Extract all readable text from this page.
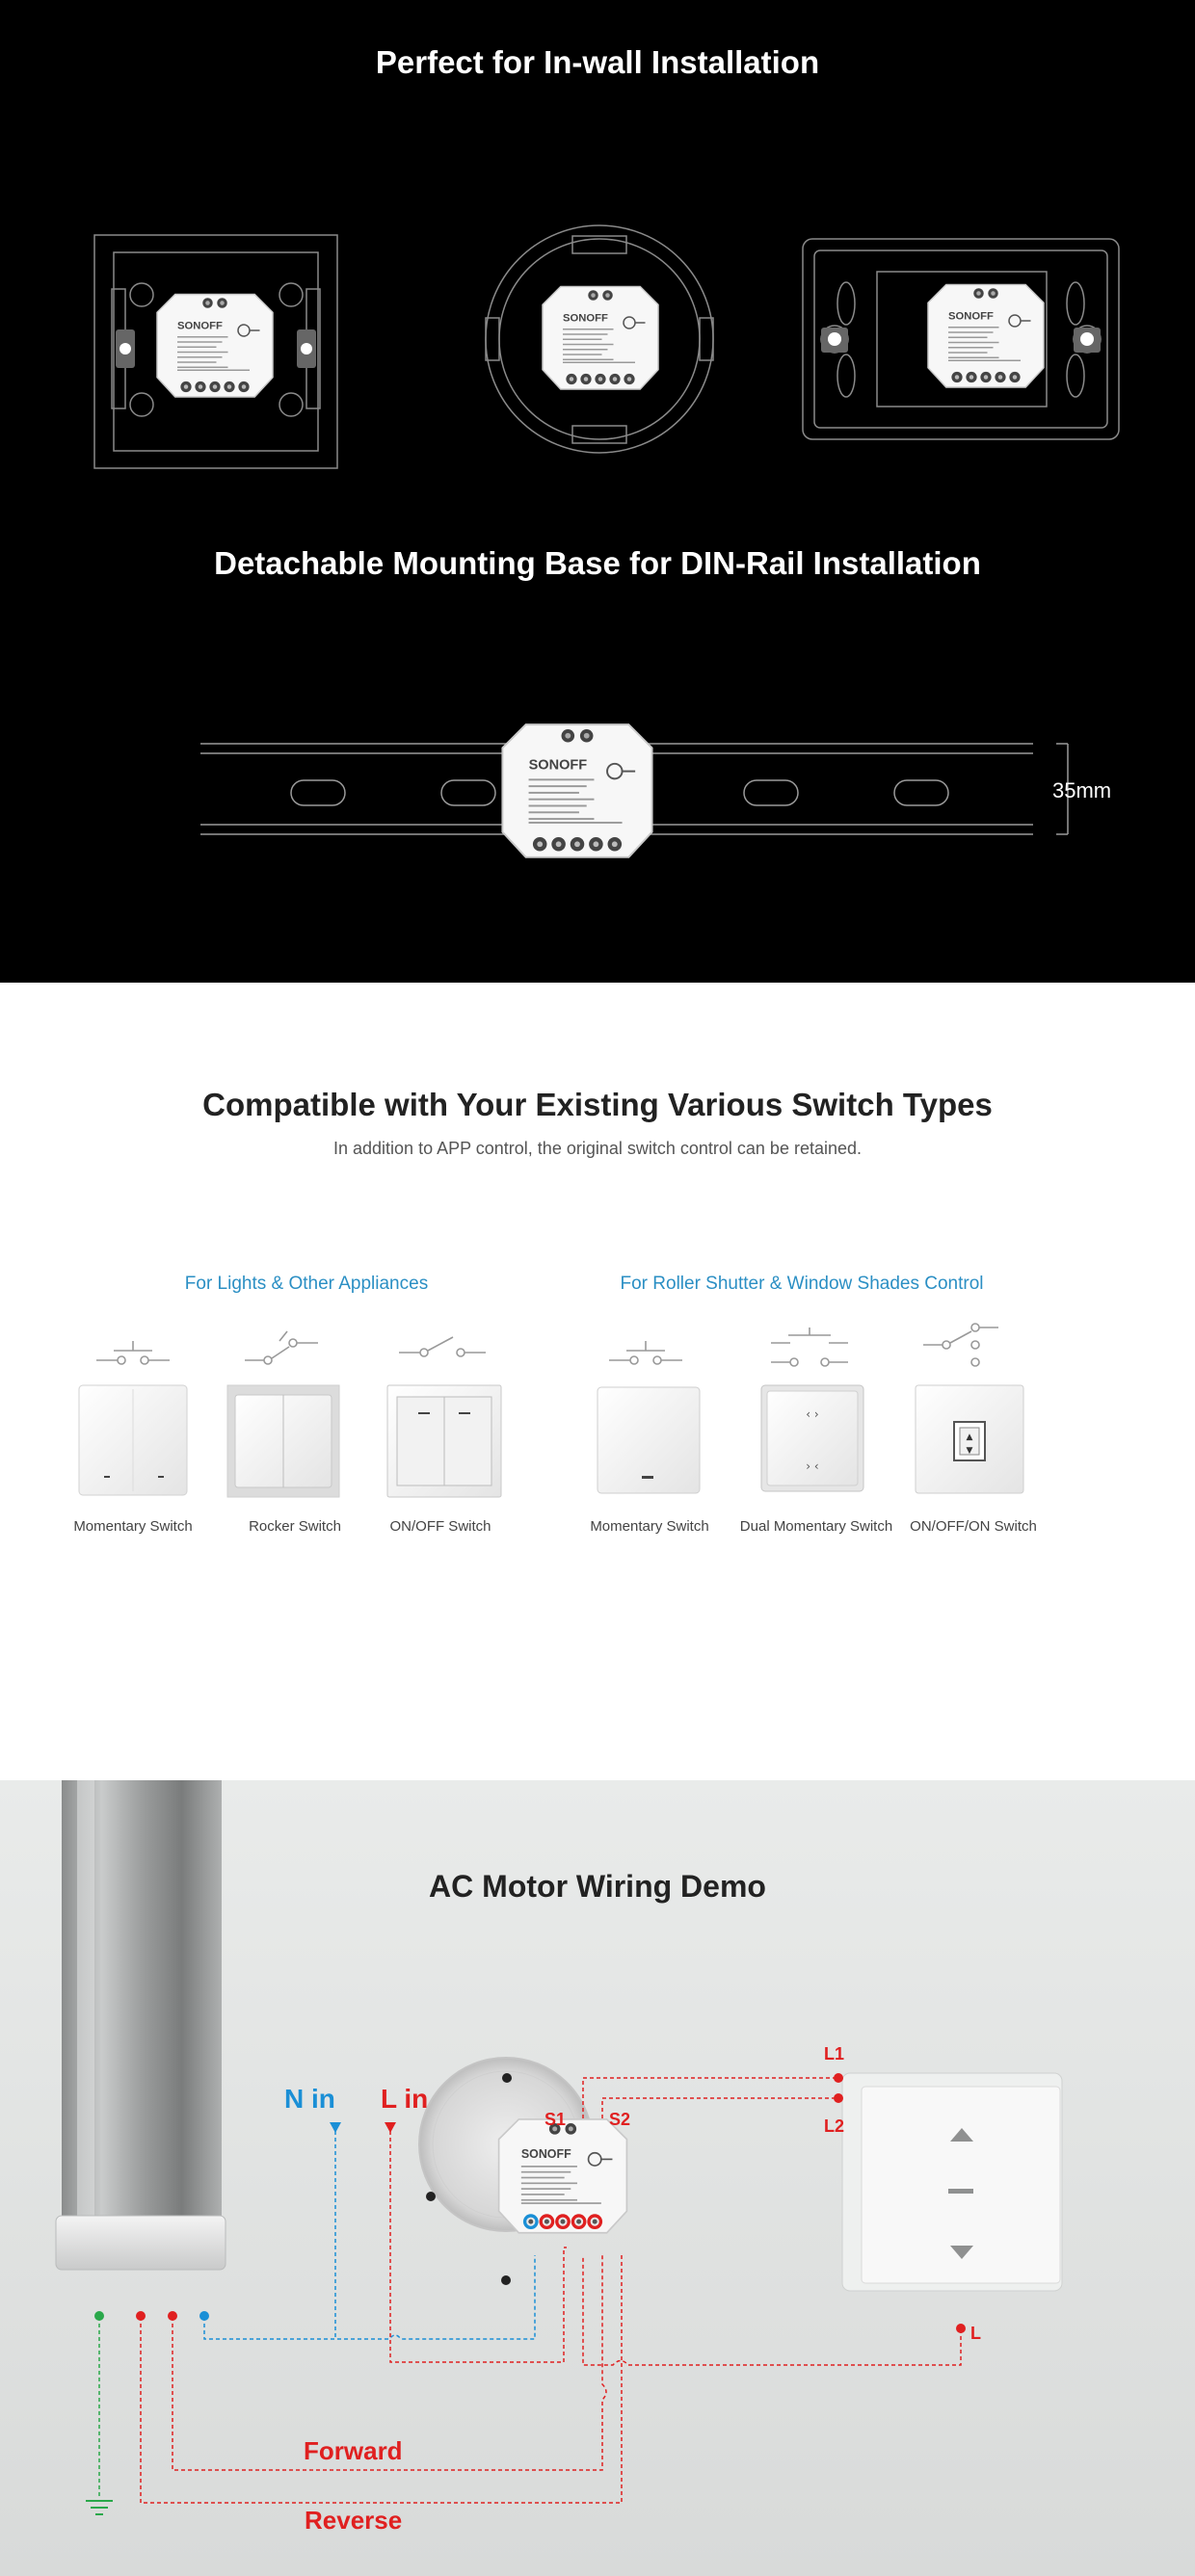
Perfect for In-wall Installation
SONOFF
SONOFF	SONOFF
Detachable Mounting Base for DIN-Rail Installation
35mm
SONOFF
Compatible with Your Existing Various Switch Types
In addition to APP control, the original switch control can be retained.
For Lights & Other Appliances	For Roller Shutter & Window Shades Control
‹ ›
› ‹
▲
▼
Momentary Switch	Rocker Switch	ON/OFF Switch	Momentary Switch	Dual Momentary Switch	ON/OFF/ON Switch
AC Motor Wiring Demo
SONOFF
N in L in
S1 S2
L1
L2
L
Forward
Reverse
